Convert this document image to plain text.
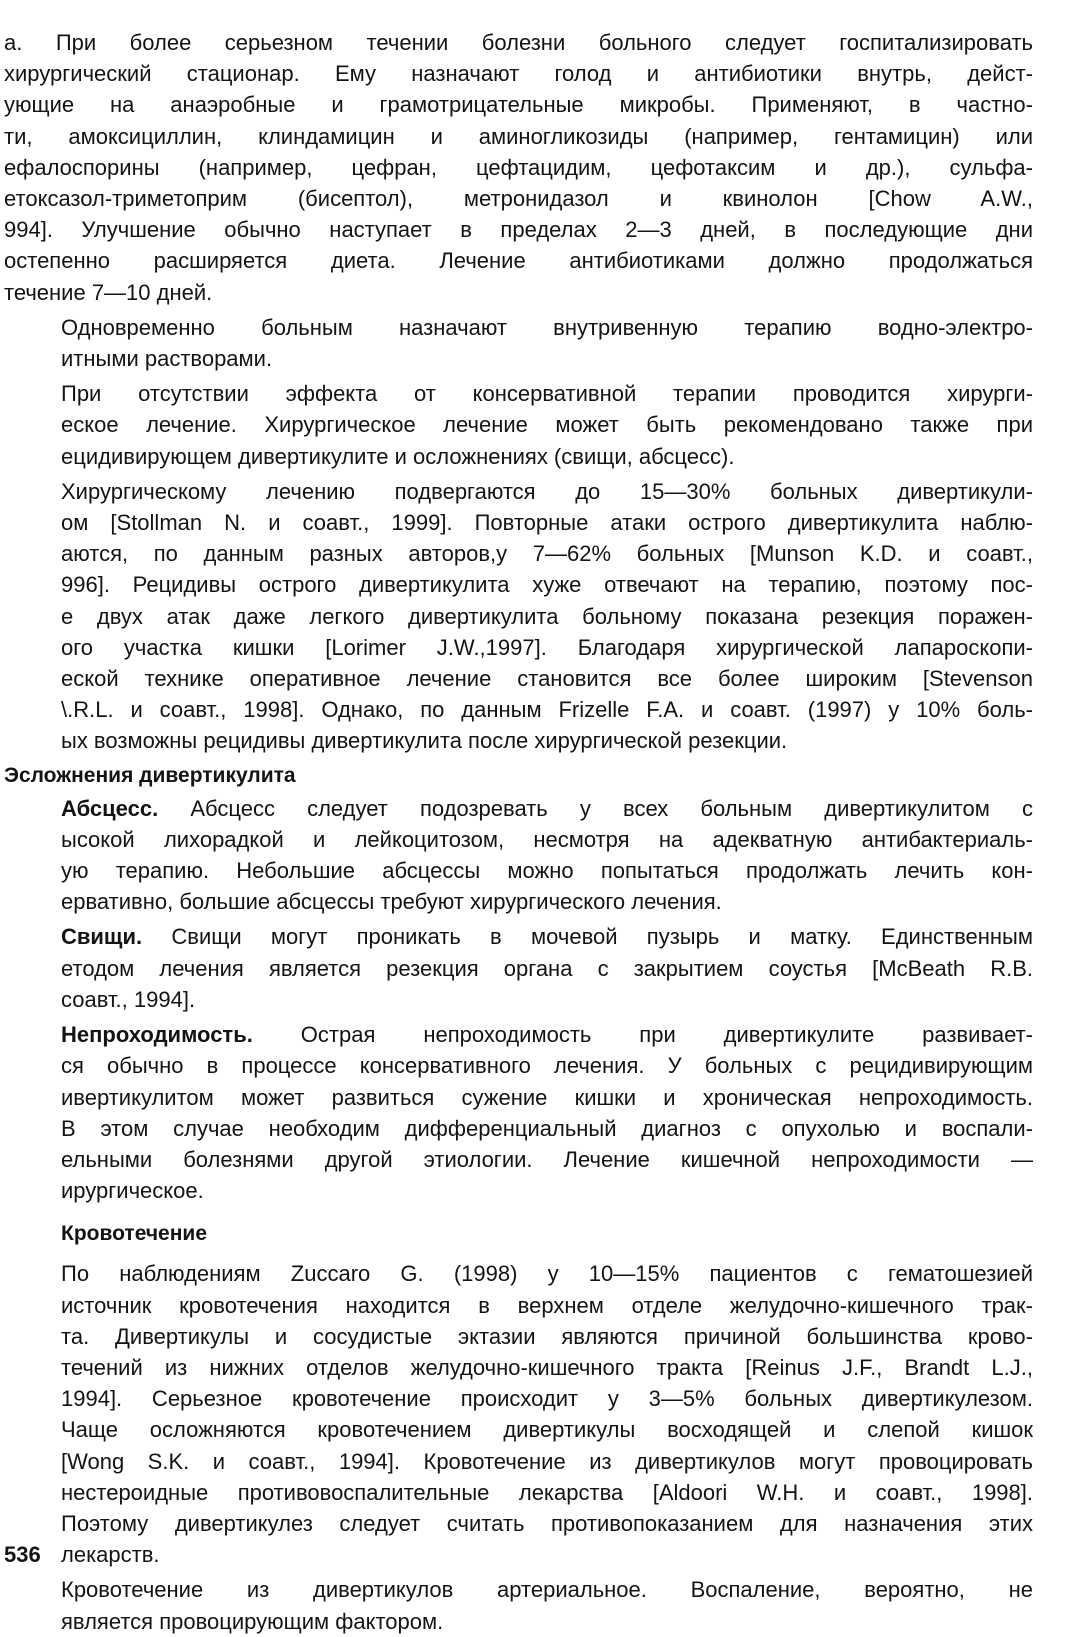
а. При более серьезном течении болезни больного следует госпитализировать
хирургический стационар. Ему назначают голод и антибиотики внутрь, дейст-
ующие на анаэробные и грамотрицательные микробы. Применяют, в частно-
ти, амоксициллин, клиндамицин и аминогликозиды (например, гентамицин) или
ефалоспорины (например, цефран, цефтацидим, цефотаксим и др.), сульфа-
етоксазол-триметоприм (бисептол), метронидазол и квинолон [Chow A.W.,
994]. Улучшение обычно наступает в пределах 2—3 дней, в последующие дни
остепенно расширяется диета. Лечение антибиотиками должно продолжаться
течение 7—10 дней.

Одновременно больным назначают внутривенную терапию водно-электро-
итными растворами.

При отсутствии эффекта от консервативной терапии проводится хирурги-
еское лечение. Хирургическое лечение может быть рекомендовано также при
ецидивирующем дивертикулите и осложнениях (свищи, абсцесс).

Хирургическому лечению подвергаются до 15—30% больных дивертикули-
ом [Stollman N. и соавт., 1999]. Повторные атаки острого дивертикулита наблю-
аются, по данным разных авторов,у 7—62% больных [Munson K.D. и соавт.,
996]. Рецидивы острого дивертикулита хуже отвечают на терапию, поэтому пос-
е двух атак даже легкого дивертикулита больному показана резекция поражен-
ого участка кишки [Lorimer J.W.,1997]. Благодаря хирургической лапароскопи-
еской технике оперативное лечение становится все более широким [Stevenson
\.R.L. и соавт., 1998]. Однако, по данным Frizelle F.A. и соавт. (1997) у 10% боль-
ых возможны рецидивы дивертикулита после хирургической резекции.

Эсложнения дивертикулита

Абсцесс. Абсцесс следует подозревать у всех больным дивертикулитом с
ысокой лихорадкой и лейкоцитозом, несмотря на адекватную антибактериаль-
ую терапию. Небольшие абсцессы можно попытаться продолжать лечить кон-
ервативно, большие абсцессы требуют хирургического лечения.

Свищи. Свищи могут проникать в мочевой пузырь и матку. Единственным
етодом лечения является резекция органа с закрытием соустья [McBeath R.B.
соавт., 1994].

Непроходимость. Острая непроходимость при дивертикулите развивает-
ся обычно в процессе консервативного лечения. У больных с рецидивирующим
ивертикулитом может развиться сужение кишки и хроническая непроходимость.
В этом случае необходим дифференциальный диагноз с опухолью и воспали-
ельными болезнями другой этиологии. Лечение кишечной непроходимости —
ирургическое.

Кровотечение

По наблюдениям Zuccaro G. (1998) у 10—15% пациентов с гематошезией
источник кровотечения находится в верхнем отделе желудочно-кишечного трак-
та. Дивертикулы и сосудистые эктазии являются причиной большинства крово-
течений из нижних отделов желудочно-кишечного тракта [Reinus J.F., Brandt L.J.,
1994]. Серьезное кровотечение происходит у 3—5% больных дивертикулезом.
Чаще осложняются кровотечением дивертикулы восходящей и слепой кишок
[Wong S.K. и соавт., 1994]. Кровотечение из дивертикулов могут провоцировать
нестероидные противовоспалительные лекарства [Aldoori W.H. и соавт., 1998].
Поэтому дивертикулез следует считать противопоказанием для назначения этих
лекарств.

Кровотечение из дивертикулов артериальное. Воспаление, вероятно, не
является провоцирующим фактором.

536
